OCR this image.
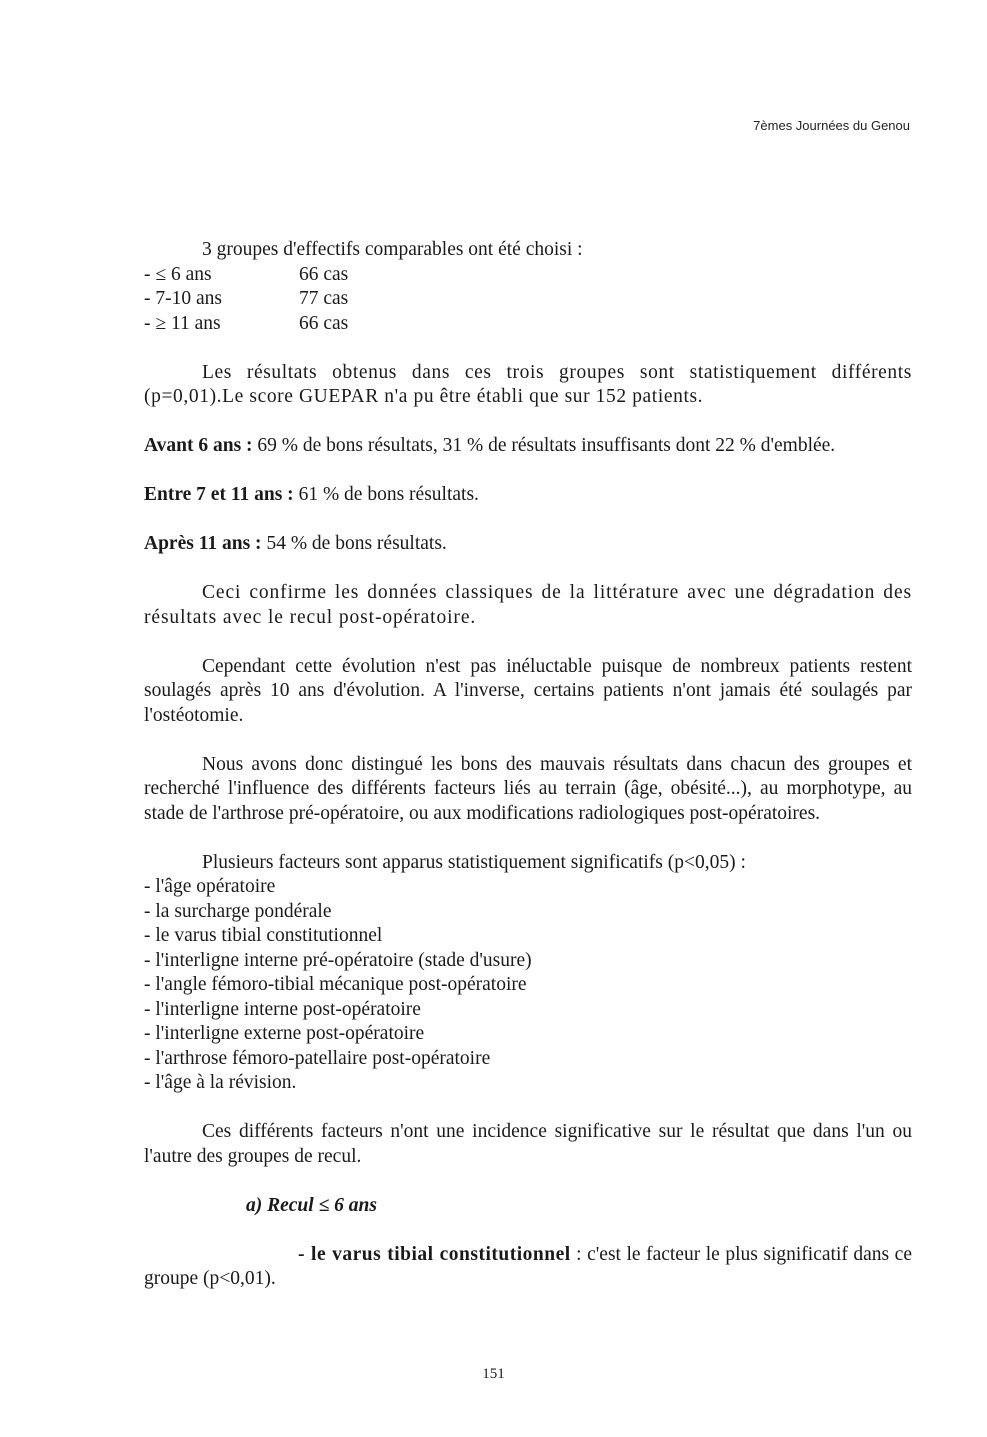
7èmes Journées du Genou

3 groupes d'effectifs comparables ont été choisi :

- ≤ 6 ans	66 cas
- 7-10 ans	77 cas
- ≥ 11 ans	66 cas

Les résultats obtenus dans ces trois groupes sont statistiquement différents (p=0,01).Le score GUEPAR n'a pu être établi que sur 152 patients.

Avant 6 ans : 69 % de bons résultats, 31 % de résultats insuffisants dont 22 % d'emblée.

Entre 7 et 11 ans : 61 % de bons résultats.

Après 11 ans : 54 % de bons résultats.

Ceci confirme les données classiques de la littérature avec une dégradation des résultats avec le recul post-opératoire.

Cependant cette évolution n'est pas inéluctable puisque de nombreux patients restent soulagés après 10 ans d'évolution. A l'inverse, certains patients n'ont jamais été soulagés par l'ostéotomie.

Nous avons donc distingué les bons des mauvais résultats dans chacun des groupes et recherché l'influence des différents facteurs liés au terrain (âge, obésité...), au morphotype, au stade de l'arthrose pré-opératoire, ou aux modifications radiologiques post-opératoires.

Plusieurs facteurs sont apparus statistiquement significatifs (p<0,05) :

- l'âge opératoire

- la surcharge pondérale

- le varus tibial constitutionnel

- l'interligne interne pré-opératoire (stade d'usure)

- l'angle fémoro-tibial mécanique post-opératoire

- l'interligne interne post-opératoire

- l'interligne externe post-opératoire

- l'arthrose fémoro-patellaire post-opératoire

- l'âge à la révision.

Ces différents facteurs n'ont une incidence significative sur le résultat que dans l'un ou l'autre des groupes de recul.

a) Recul ≤ 6 ans

- le varus tibial constitutionnel : c'est le facteur le plus significatif dans ce groupe (p<0,01).

151
